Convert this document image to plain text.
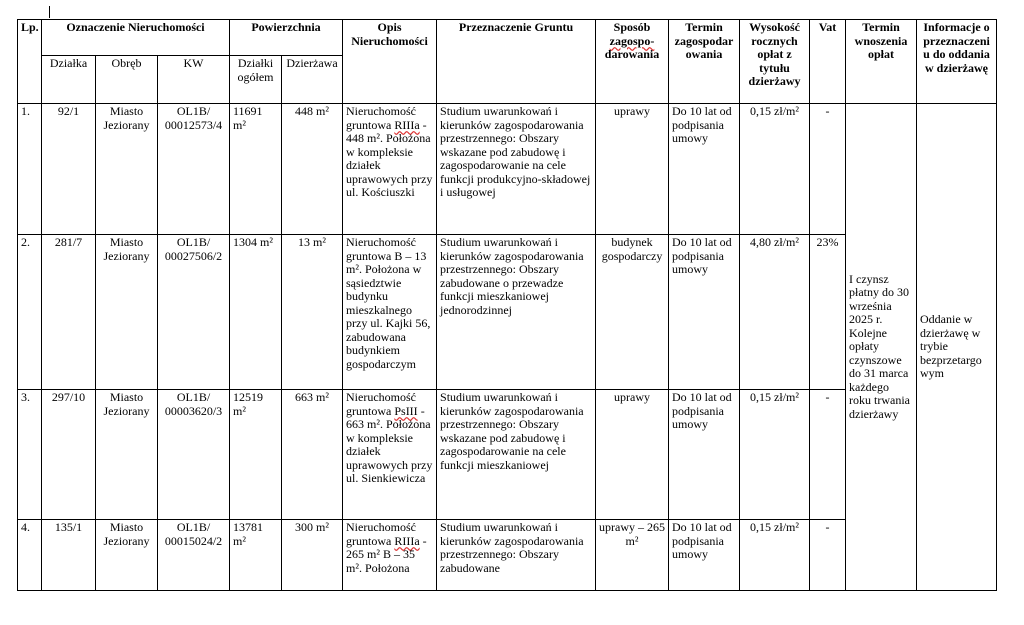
Lp.	Oznaczenie Nieruchomości			Powierzchnia		Opis Nieruchomości	Przeznaczenie Gruntu	Sposób zagospo- darowania	Termin zagospodar owania	Wysokość rocznych opłat z tytułu dzierżawy	Vat	Termin wnoszenia opłat	Informacje o przeznaczeni u do oddania w dzierżawę
	Działka	Obręb	KW	Działki ogółem	Dzierżawa								
1.	92/1	Miasto Jeziorany	OL1B/ 00012573/4	11691 m²	448 m²	Nieruchomość gruntowa RIIIa - 448 m². Położona w kompleksie działek uprawowych przy ul. Kościuszki	Studium uwarunkowań i kierunków zagospodarowania przestrzennego: Obszary wskazane pod zabudowę i zagospodarowanie na cele funkcji produkcyjno-składowej i usługowej	uprawy	Do 10 lat od podpisania umowy	0,15 zł/m²	-	I czynsz płatny do 30 września 2025 r. Kolejne opłaty czynszowe do 31 marca każdego roku trwania dzierżawy	Oddanie w dzierżawę w trybie bezprzetargo wym
2.	281/7	Miasto Jeziorany	OL1B/ 00027506/2	1304 m²	13 m²	Nieruchomość gruntowa B – 13 m². Położona w sąsiedztwie budynku mieszkalnego przy ul. Kajki 56, zabudowana budynkiem gospodarczym	Studium uwarunkowań i kierunków zagospodarowania przestrzennego: Obszary zabudowane o przewadze funkcji mieszkaniowej jednorodzinnej	budynek gospodarczy	Do 10 lat od podpisania umowy	4,80 zł/m²	23%		
3.	297/10	Miasto Jeziorany	OL1B/ 00003620/3	12519 m²	663 m²	Nieruchomość gruntowa PsIII - 663 m². Położona w kompleksie działek uprawowych przy ul. Sienkiewicza	Studium uwarunkowań i kierunków zagospodarowania przestrzennego: Obszary wskazane pod zabudowę i zagospodarowanie na cele funkcji mieszkaniowej	uprawy	Do 10 lat od podpisania umowy	0,15 zł/m²	-		
4.	135/1	Miasto Jeziorany	OL1B/ 00015024/2	13781 m²	300 m²	Nieruchomość gruntowa RIIIa - 265 m² B – 35 m². Położona	Studium uwarunkowań i kierunków zagospodarowania przestrzennego: Obszary zabudowane	uprawy – 265 m²	Do 10 lat od podpisania umowy	0,15 zł/m²	-		
